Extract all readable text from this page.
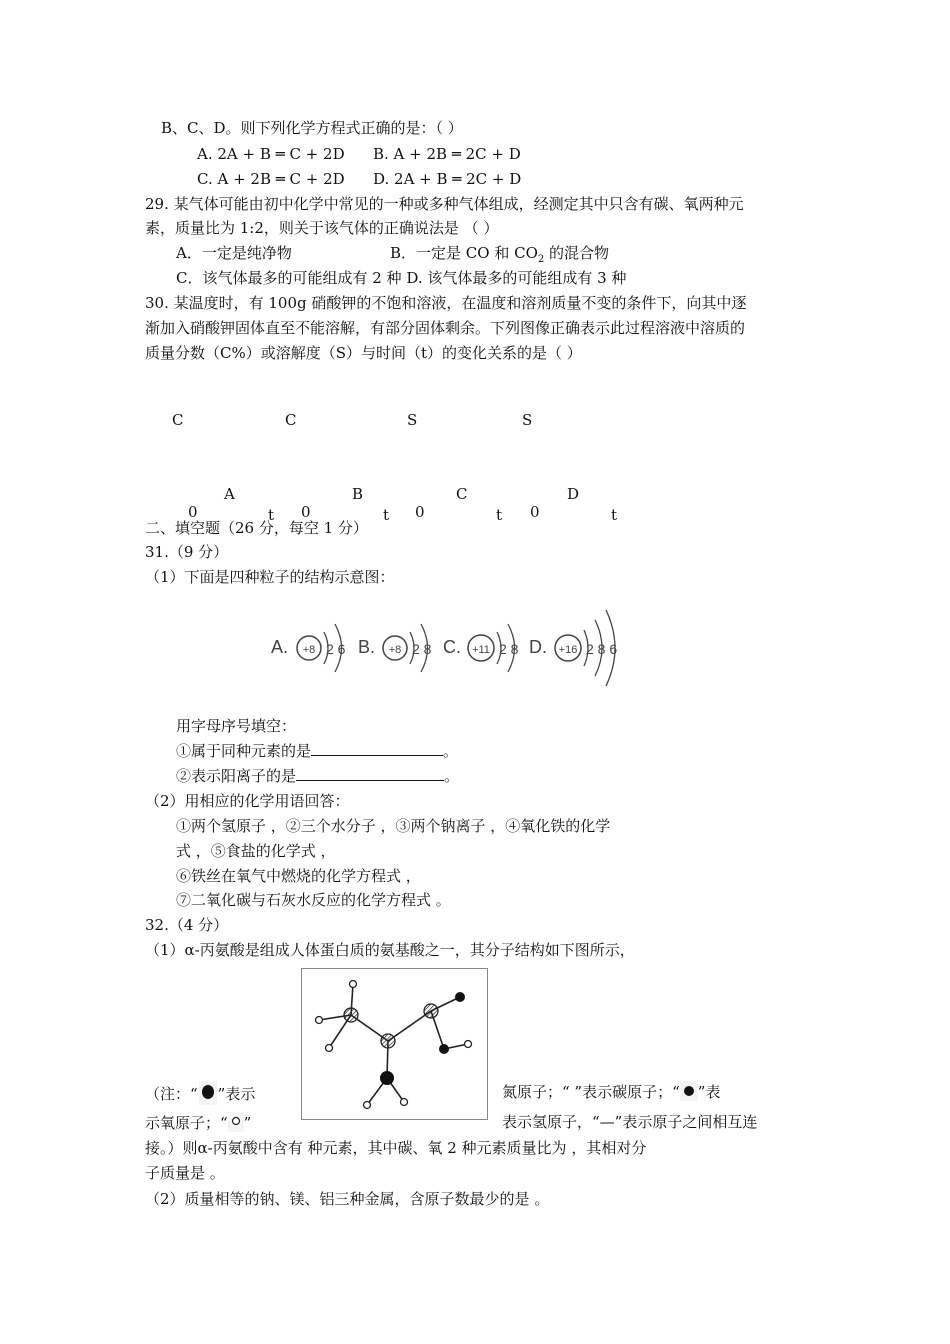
B、C、D。则下列化学方程式正确的是：（ ）
A. 2A + B ═ C + 2D B. A + 2B ═ 2C + D
C. A + 2B ═ C + 2D D. 2A + B ═ 2C + D
29. 某气体可能由初中化学中常见的一种或多种气体组成，经测定其中只含有碳、氧两种元
素，质量比为 1:2，则关于该气体的正确说法是 （ ）
A．一定是纯净物	B．一定是 CO 和 $CO_2$ 的混合物
C．该气体最多的可能组成有 2 种 D. 该气体最多的可能组成有 3 种
30. 某温度时，有 100g 硝酸钾的不饱和溶液，在温度和溶剂质量不变的条件下，向其中逐
渐加入硝酸钾固体直至不能溶解，有部分固体剩余。下列图像正确表示此过程溶液中溶质的
质量分数（C%）或溶解度（S）与时间（t）的变化关系的是（ ）
C	C	S	S
A	B	C	D
0	t 0	t 0	t 0	t
二、填空题（26 分，每空 1 分）
31.（9 分）
（1）下面是四种粒子的结构示意图：
A. +8 2 6 B. +8 2 8 C. +11 2 8 D. +16 2 8 6
用字母序号填空：
①属于同种元素的是	。
②表示阳离子的是	。
（2）用相应的化学用语回答：
①两个氢原子 ，②三个水分子 ，③两个钠离子 ，④氧化铁的化学
式 ，⑤食盐的化学式 ，
⑥铁丝在氧气中燃烧的化学方程式 ，
⑦二氧化碳与石灰水反应的化学方程式 。
32.（4 分）
（1）α-丙氨酸是组成人体蛋白质的氨基酸之一，其分子结构如下图所示，
（注：“ ”表示	氮原子；“ ”表示碳原子；“ ”表
示氧原子；“ ”	表示氢原子，“—”表示原子之间相互连
接。）则α-丙氨酸中含有 种元素，其中碳、氧 2 种元素质量比为 ，其相对分
子质量是 。
（2）质量相等的钠、镁、铝三种金属，含原子数最少的是 。
